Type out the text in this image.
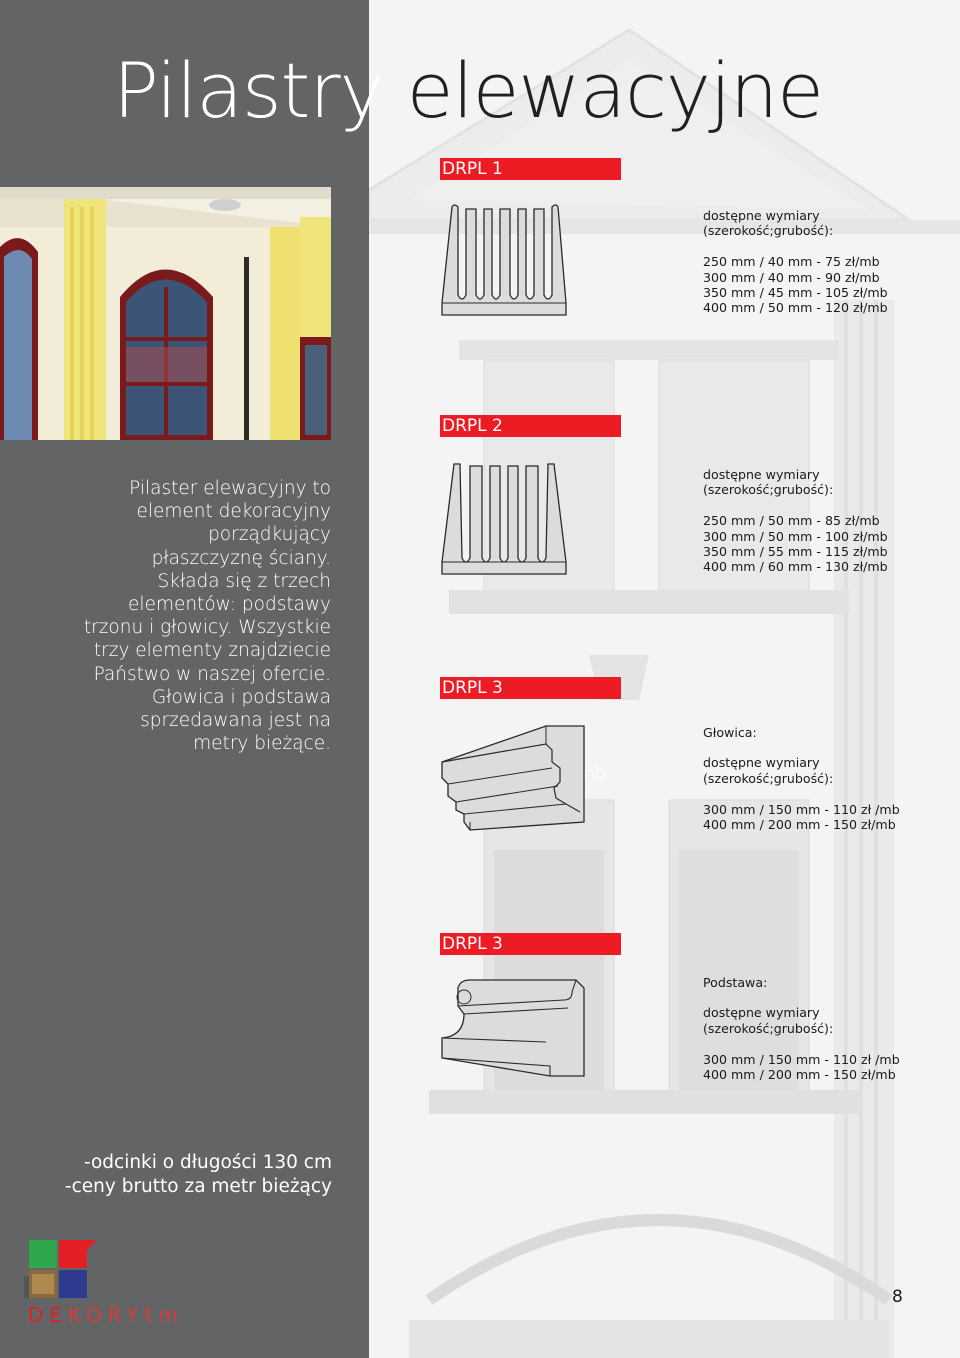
Pilastry elewacyjne
Pilaster elewacyjny to
element dekoracyjny
porządkujący
płaszczyznę ściany.
Składa się z trzech
elementów: podstawy
trzonu i głowicy. Wszystkie
trzy elementy znajdziecie
Państwo w naszej ofercie.
Głowica i podstawa
sprzedawana jest na
metry bieżące.
-odcinki o długości 130 cm
-ceny brutto za metr bieżący
DEKORYtm
DRPL 1
dostępne wymiary
(szerokość;grubość):
250 mm / 40 mm - 75 zł/mb
300 mm / 40 mm - 90 zł/mb
350 mm / 45 mm - 105 zł/mb
400 mm / 50 mm - 120 zł/mb
DRPL 2
dostępne wymiary
(szerokość;grubość):
250 mm / 50 mm - 85 zł/mb
300 mm / 50 mm - 100 zł/mb
350 mm / 55 mm - 115 zł/mb
400 mm / 60 mm - 130 zł/mb
DRPL 3
nb
Głowica:
dostępne wymiary
(szerokość;grubość):
300 mm / 150 mm - 110 zł /mb
400 mm / 200 mm - 150 zł/mb
DRPL 3
Podstawa:
dostępne wymiary
(szerokość;grubość):
300 mm / 150 mm - 110 zł /mb
400 mm / 200 mm - 150 zł/mb
8
